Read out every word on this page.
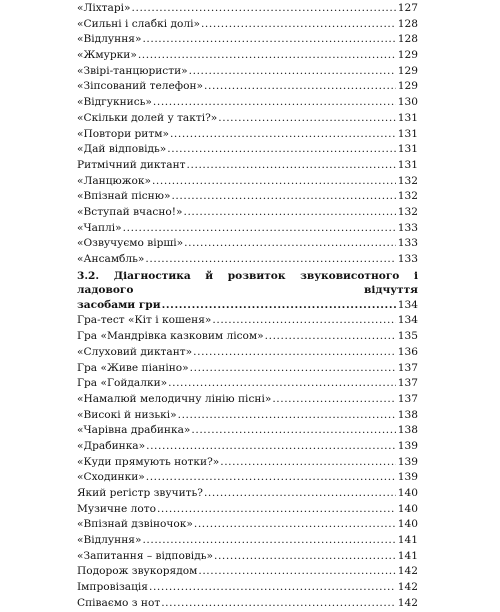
«Ліхтарі» .....	127
«Сильні і слабкі долі» .....	128
«Відлуння» .....	128
«Жмурки» .....	129
«Звірі-танцюристи» .....	129
«Зіпсований телефон» .....	129
«Відгукнись» .....	130
«Скільки долей у такті?» .....	131
«Повтори ритм» .....	131
«Дай відповідь» .....	131
Ритмічний диктант .....	131
«Ланцюжок» .....	132
«Впізнай пісню» .....	132
«Вступай вчасно!» .....	132
«Чаплі» .....	133
«Озвучуємо вірші» .....	133
«Ансамбль» .....	133
3.2. Діагностика й розвиток звуковисотного і ладового відчуття
засобами гри .....	134
Гра-тест «Кіт і кошеня» .....	134
Гра «Мандрівка казковим лісом» .....	135
«Слуховий диктант» .....	136
Гра «Живе піаніно» .....	137
Гра «Гойдалки» .....	137
«Намалюй мелодичну лінію пісні» .....	137
«Високі й низькі» .....	138
«Чарівна драбинка» .....	138
«Драбинка» .....	139
«Куди прямують нотки?» .....	139
«Сходинки» .....	139
Який регістр звучить? .....	140
Музичне лото .....	140
«Впізнай дзвіночок» .....	140
«Відлуння» .....	141
«Запитання – відповідь» .....	141
Подорож звукорядом .....	142
Імпровізація .....	142
Співаємо з нот .....	142
